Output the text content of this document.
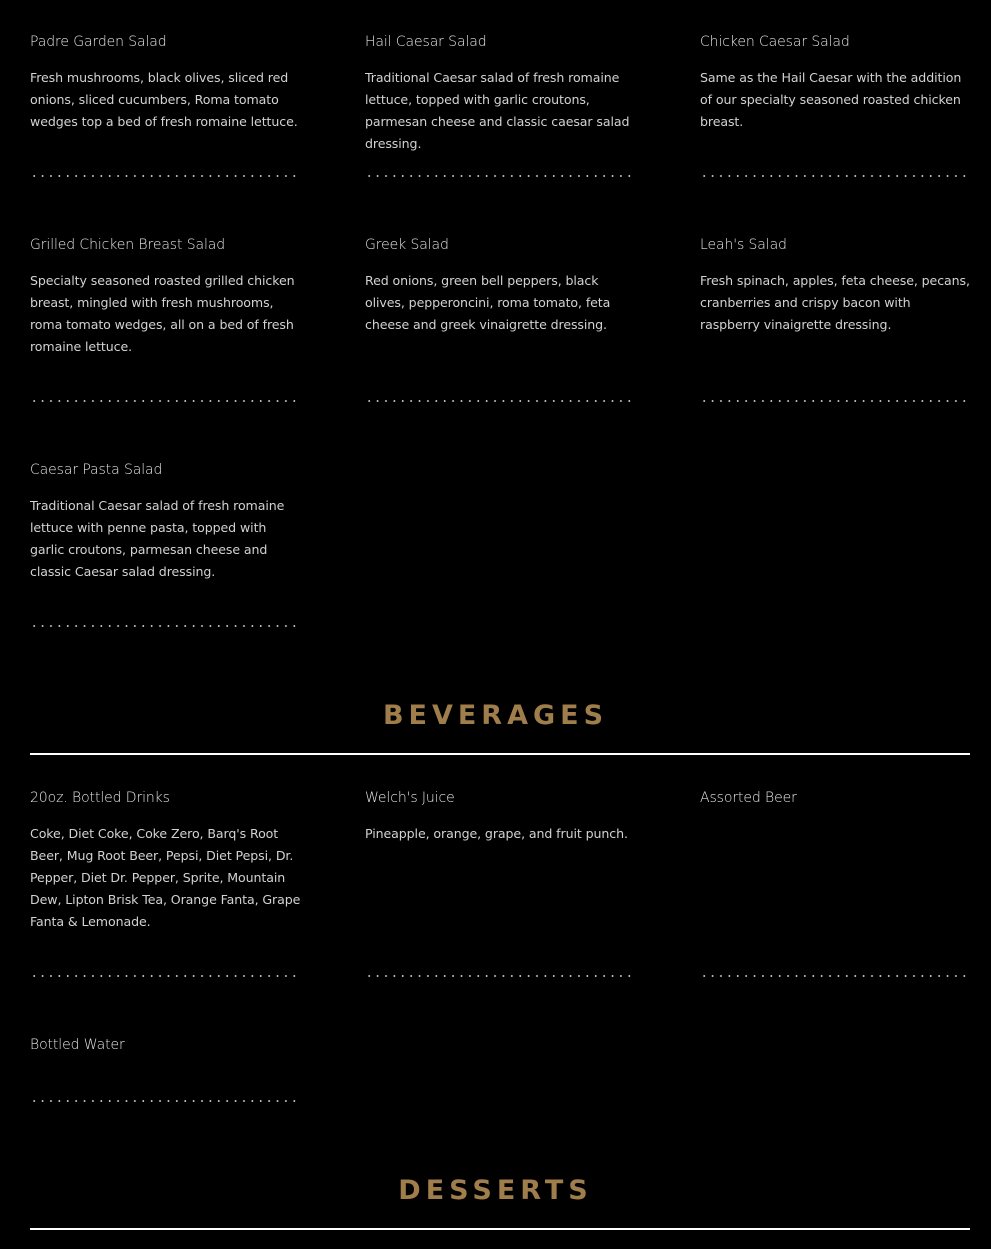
Padre Garden Salad
Fresh mushrooms, black olives, sliced red onions, sliced cucumbers, Roma tomato wedges top a bed of fresh romaine lettuce.
Hail Caesar Salad
Traditional Caesar salad of fresh romaine lettuce, topped with garlic croutons, parmesan cheese and classic caesar salad dressing.
Chicken Caesar Salad
Same as the Hail Caesar with the addition of our specialty seasoned roasted chicken breast.
Grilled Chicken Breast Salad
Specialty seasoned roasted grilled chicken breast, mingled with fresh mushrooms, roma tomato wedges, all on a bed of fresh romaine lettuce.
Greek Salad
Red onions, green bell peppers, black olives, pepperoncini, roma tomato, feta cheese and greek vinaigrette dressing.
Leah's Salad
Fresh spinach, apples, feta cheese, pecans, cranberries and crispy bacon with raspberry vinaigrette dressing.
Caesar Pasta Salad
Traditional Caesar salad of fresh romaine lettuce with penne pasta, topped with garlic croutons, parmesan cheese and classic Caesar salad dressing.
BEVERAGES
20oz. Bottled Drinks
Coke, Diet Coke, Coke Zero, Barq's Root Beer, Mug Root Beer, Pepsi, Diet Pepsi, Dr. Pepper, Diet Dr. Pepper, Sprite, Mountain Dew, Lipton Brisk Tea, Orange Fanta, Grape Fanta & Lemonade.
Welch's Juice
Pineapple, orange, grape, and fruit punch.
Assorted Beer
Bottled Water
DESSERTS
